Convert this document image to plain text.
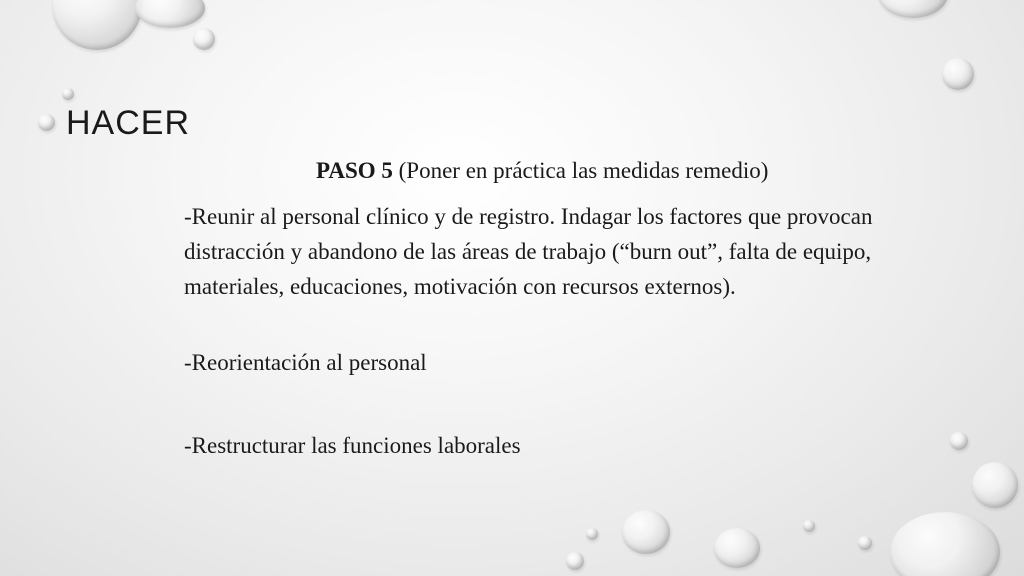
HACER

PASO 5 (Poner en práctica las medidas remedio)

-Reunir al personal clínico y de registro. Indagar los factores que provocan distracción y abandono de las áreas de trabajo (“burn out”, falta de equipo, materiales, educaciones, motivación con recursos externos).

-Reorientación al personal

-Restructurar las funciones laborales
